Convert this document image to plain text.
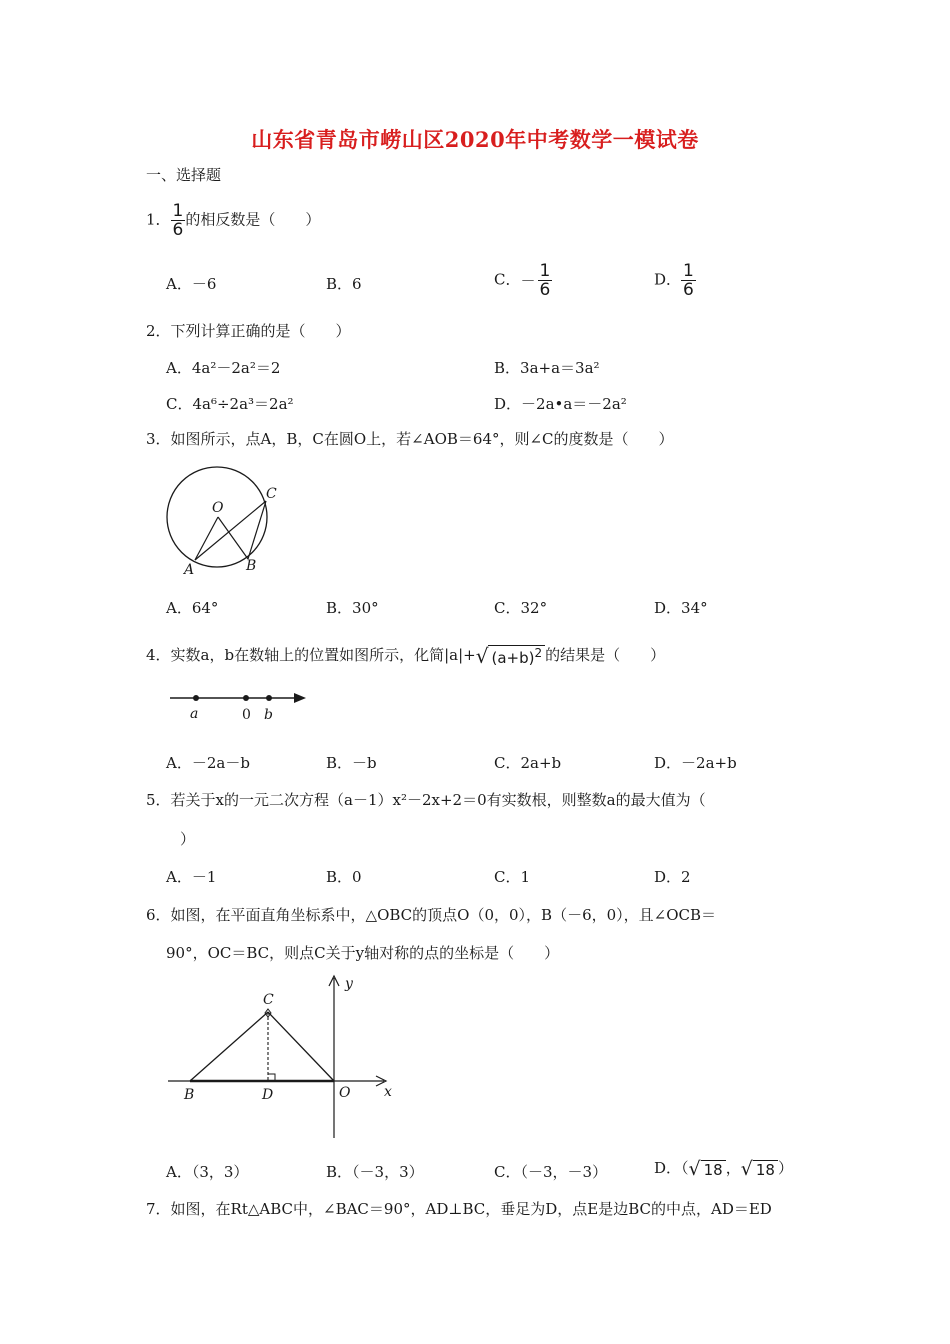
山东省青岛市崂山区2020年中考数学一模试卷
一、选择题
1． $\frac{1}{6}$ 的相反数是（　　）
A．－6	B．6	C．－ $\frac{1}{6}$	D． $\frac{1}{6}$
2．下列计算正确的是（　　）
A．4a²－2a²＝2	B．3a+a＝3a²
C．4a⁶÷2a³＝2a²	D．－2a•a＝－2a²
3．如图所示，点A，B，C在圆O上，若∠AOB＝64°，则∠C的度数是（　　）
O
A	B
C
A．64°	B．30°	C．32°	D．34°
4．实数a，b在数轴上的位置如图所示，化简|a|+√ $(a+b)^2$ 的结果是（　　）
a	0 b
A．－2a－b	B．－b	C．2a+b	D．－2a+b
5．若关于x的一元二次方程（a－1）x²－2x+2＝0有实数根，则整数a的最大值为（
）
A．－1	B．0	C．1	D．2
6．如图，在平面直角坐标系中，△OBC的顶点O（0，0），B（－6，0），且∠OCB＝
90°，OC＝BC，则点C关于y轴对称的点的坐标是（　　）
C
y
B	D	O x
A．（3，3）	B．（－3，3）	C．（－3，－3）	D．（√ 18 ，√ 18 ）
7．如图，在Rt△ABC中，∠BAC＝90°，AD⊥BC，垂足为D，点E是边BC的中点，AD＝ED
